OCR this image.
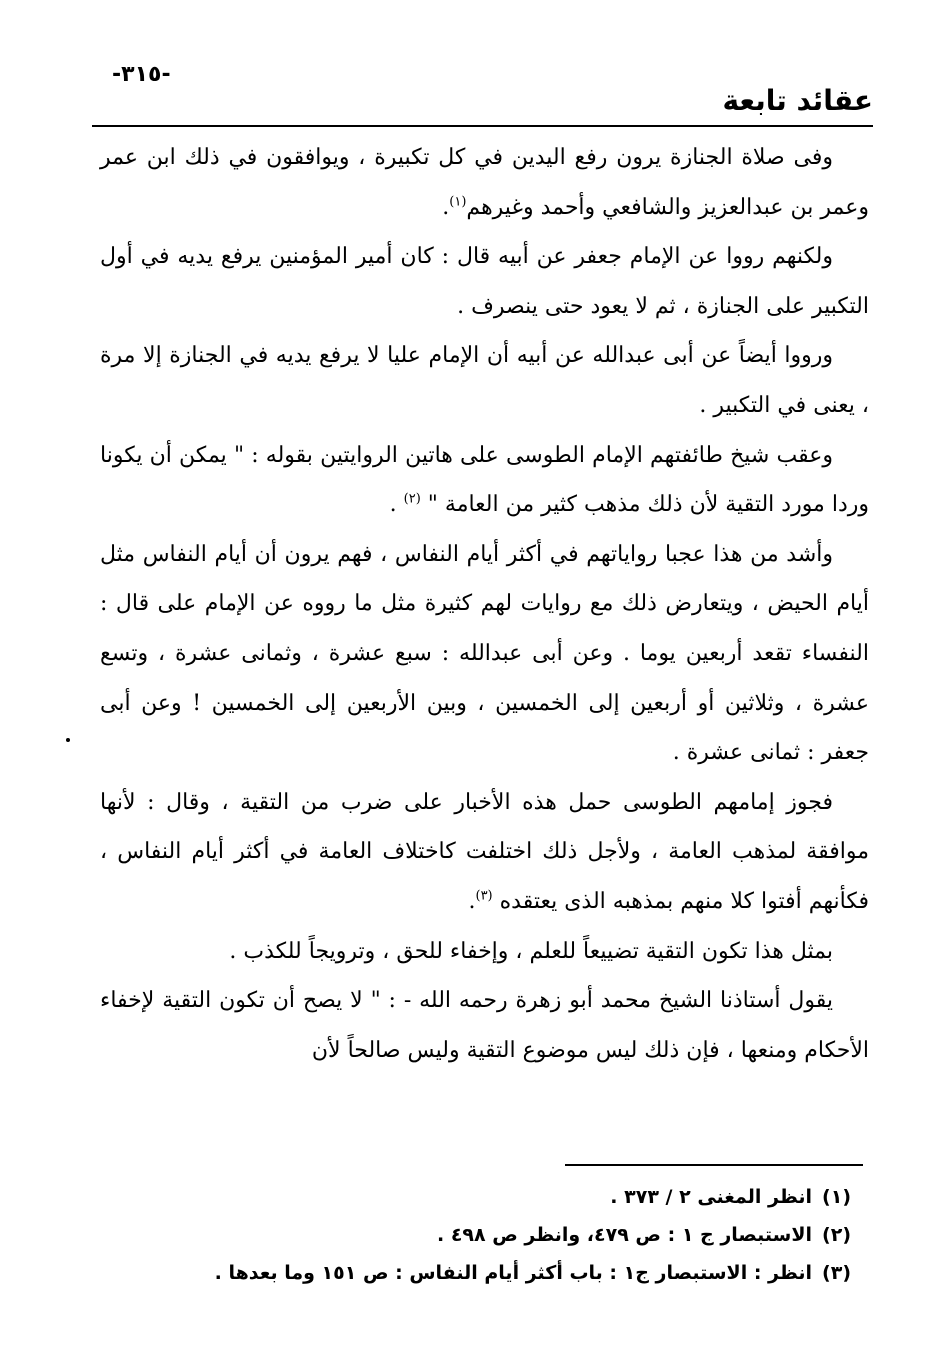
-٣١٥-
عقائد تابعة

وفى صلاة الجنازة يرون رفع اليدين في كل تكبيرة ، ويوافقون في ذلك ابن عمر وعمر بن عبدالعزيز والشافعي وأحمد وغيرهم$^{(١)}$.

ولكنهم رووا عن الإمام جعفر عن أبيه قال : كان أمير المؤمنين يرفع يديه في أول التكبير على الجنازة ، ثم لا يعود حتى ينصرف .

ورووا أيضاً عن أبى عبدالله عن أبيه أن الإمام عليا لا يرفع يديه في الجنازة إلا مرة ، يعنى في التكبير .

وعقب شيخ طائفتهم الإمام الطوسى على هاتين الروايتين بقوله : " يمكن أن يكونا وردا مورد التقية لأن ذلك مذهب كثير من العامة " $^{(٢)}$ .

وأشد من هذا عجبا رواياتهم في أكثر أيام النفاس ، فهم يرون أن أيام النفاس مثل أيام الحيض ، ويتعارض ذلك مع روايات لهم كثيرة مثل ما رووه عن الإمام على قال : النفساء تقعد أربعين يوما . وعن أبى عبدالله : سبع عشرة ، وثمانى عشرة ، وتسع عشرة ، وثلاثين أو أربعين إلى الخمسين ، وبين الأربعين إلى الخمسين ! وعن أبى جعفر : ثمانى عشرة .

فجوز إمامهم الطوسى حمل هذه الأخبار على ضرب من التقية ، وقال : لأنها موافقة لمذهب العامة ، ولأجل ذلك اختلفت كاختلاف العامة في أكثر أيام النفاس ، فكأنهم أفتوا كلا منهم بمذهبه الذى يعتقده $^{(٣)}$.

بمثل هذا تكون التقية تضييعاً للعلم ، وإخفاء للحق ، وترويجاً للكذب .

يقول أستاذنا الشيخ محمد أبو زهرة رحمه الله - : " لا يصح أن تكون التقية لإخفاء الأحكام ومنعها ، فإن ذلك ليس موضوع التقية وليس صالحاً لأن

(١)انظر المغنى ٢ / ٣٧٣ .
(٢)الاستبصار ج ١ : ص ٤٧٩، وانظر ص ٤٩٨ .
(٣)انظر : الاستبصار ج١ : باب أكثر أيام النفاس : ص ١٥١ وما بعدها .
